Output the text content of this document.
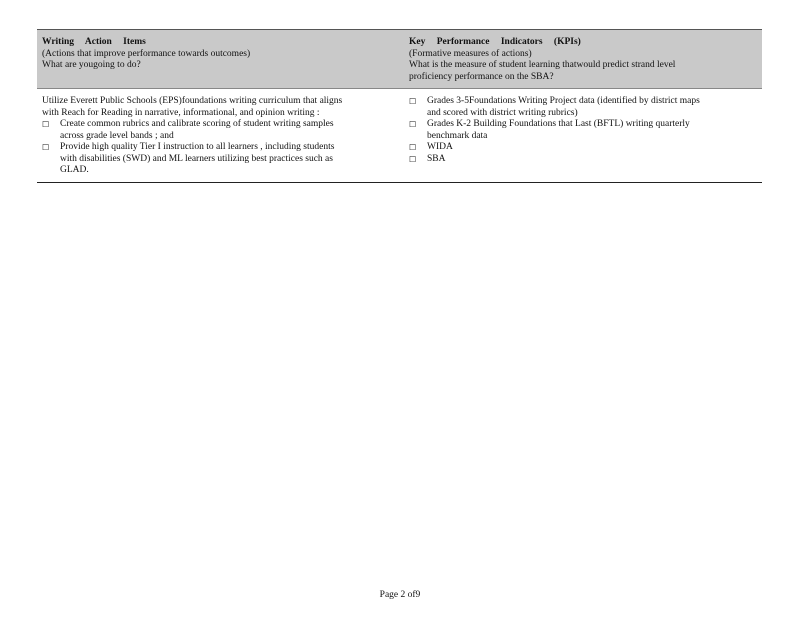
Writing Action Items
(Actions that improve performance towards outcomes)
What are yougoing to do?
Key Performance Indicators (KPIs)
(Formative measures of actions)
What is the measure of student learning thatwould predict strand level
proficiency performance on the SBA?
Utilize Everett Public Schools (EPS)foundations writing curriculum that aligns
with Reach for Reading in narrative, informational, and opinion writing :
☐ Create common rubrics and calibrate scoring of student writing samples
across grade level bands ; and
☐ Provide high quality Tier I instruction to all learners , including students
with disabilities (SWD) and ML learners utilizing best practices such as
GLAD.
☐ Grades 3-5Foundations Writing Project data (identified by district maps
and scored with district writing rubrics)
☐ Grades K-2 Building Foundations that Last (BFTL) writing quarterly
benchmark data
☐ WIDA
☐ SBA
Page 2 of9
